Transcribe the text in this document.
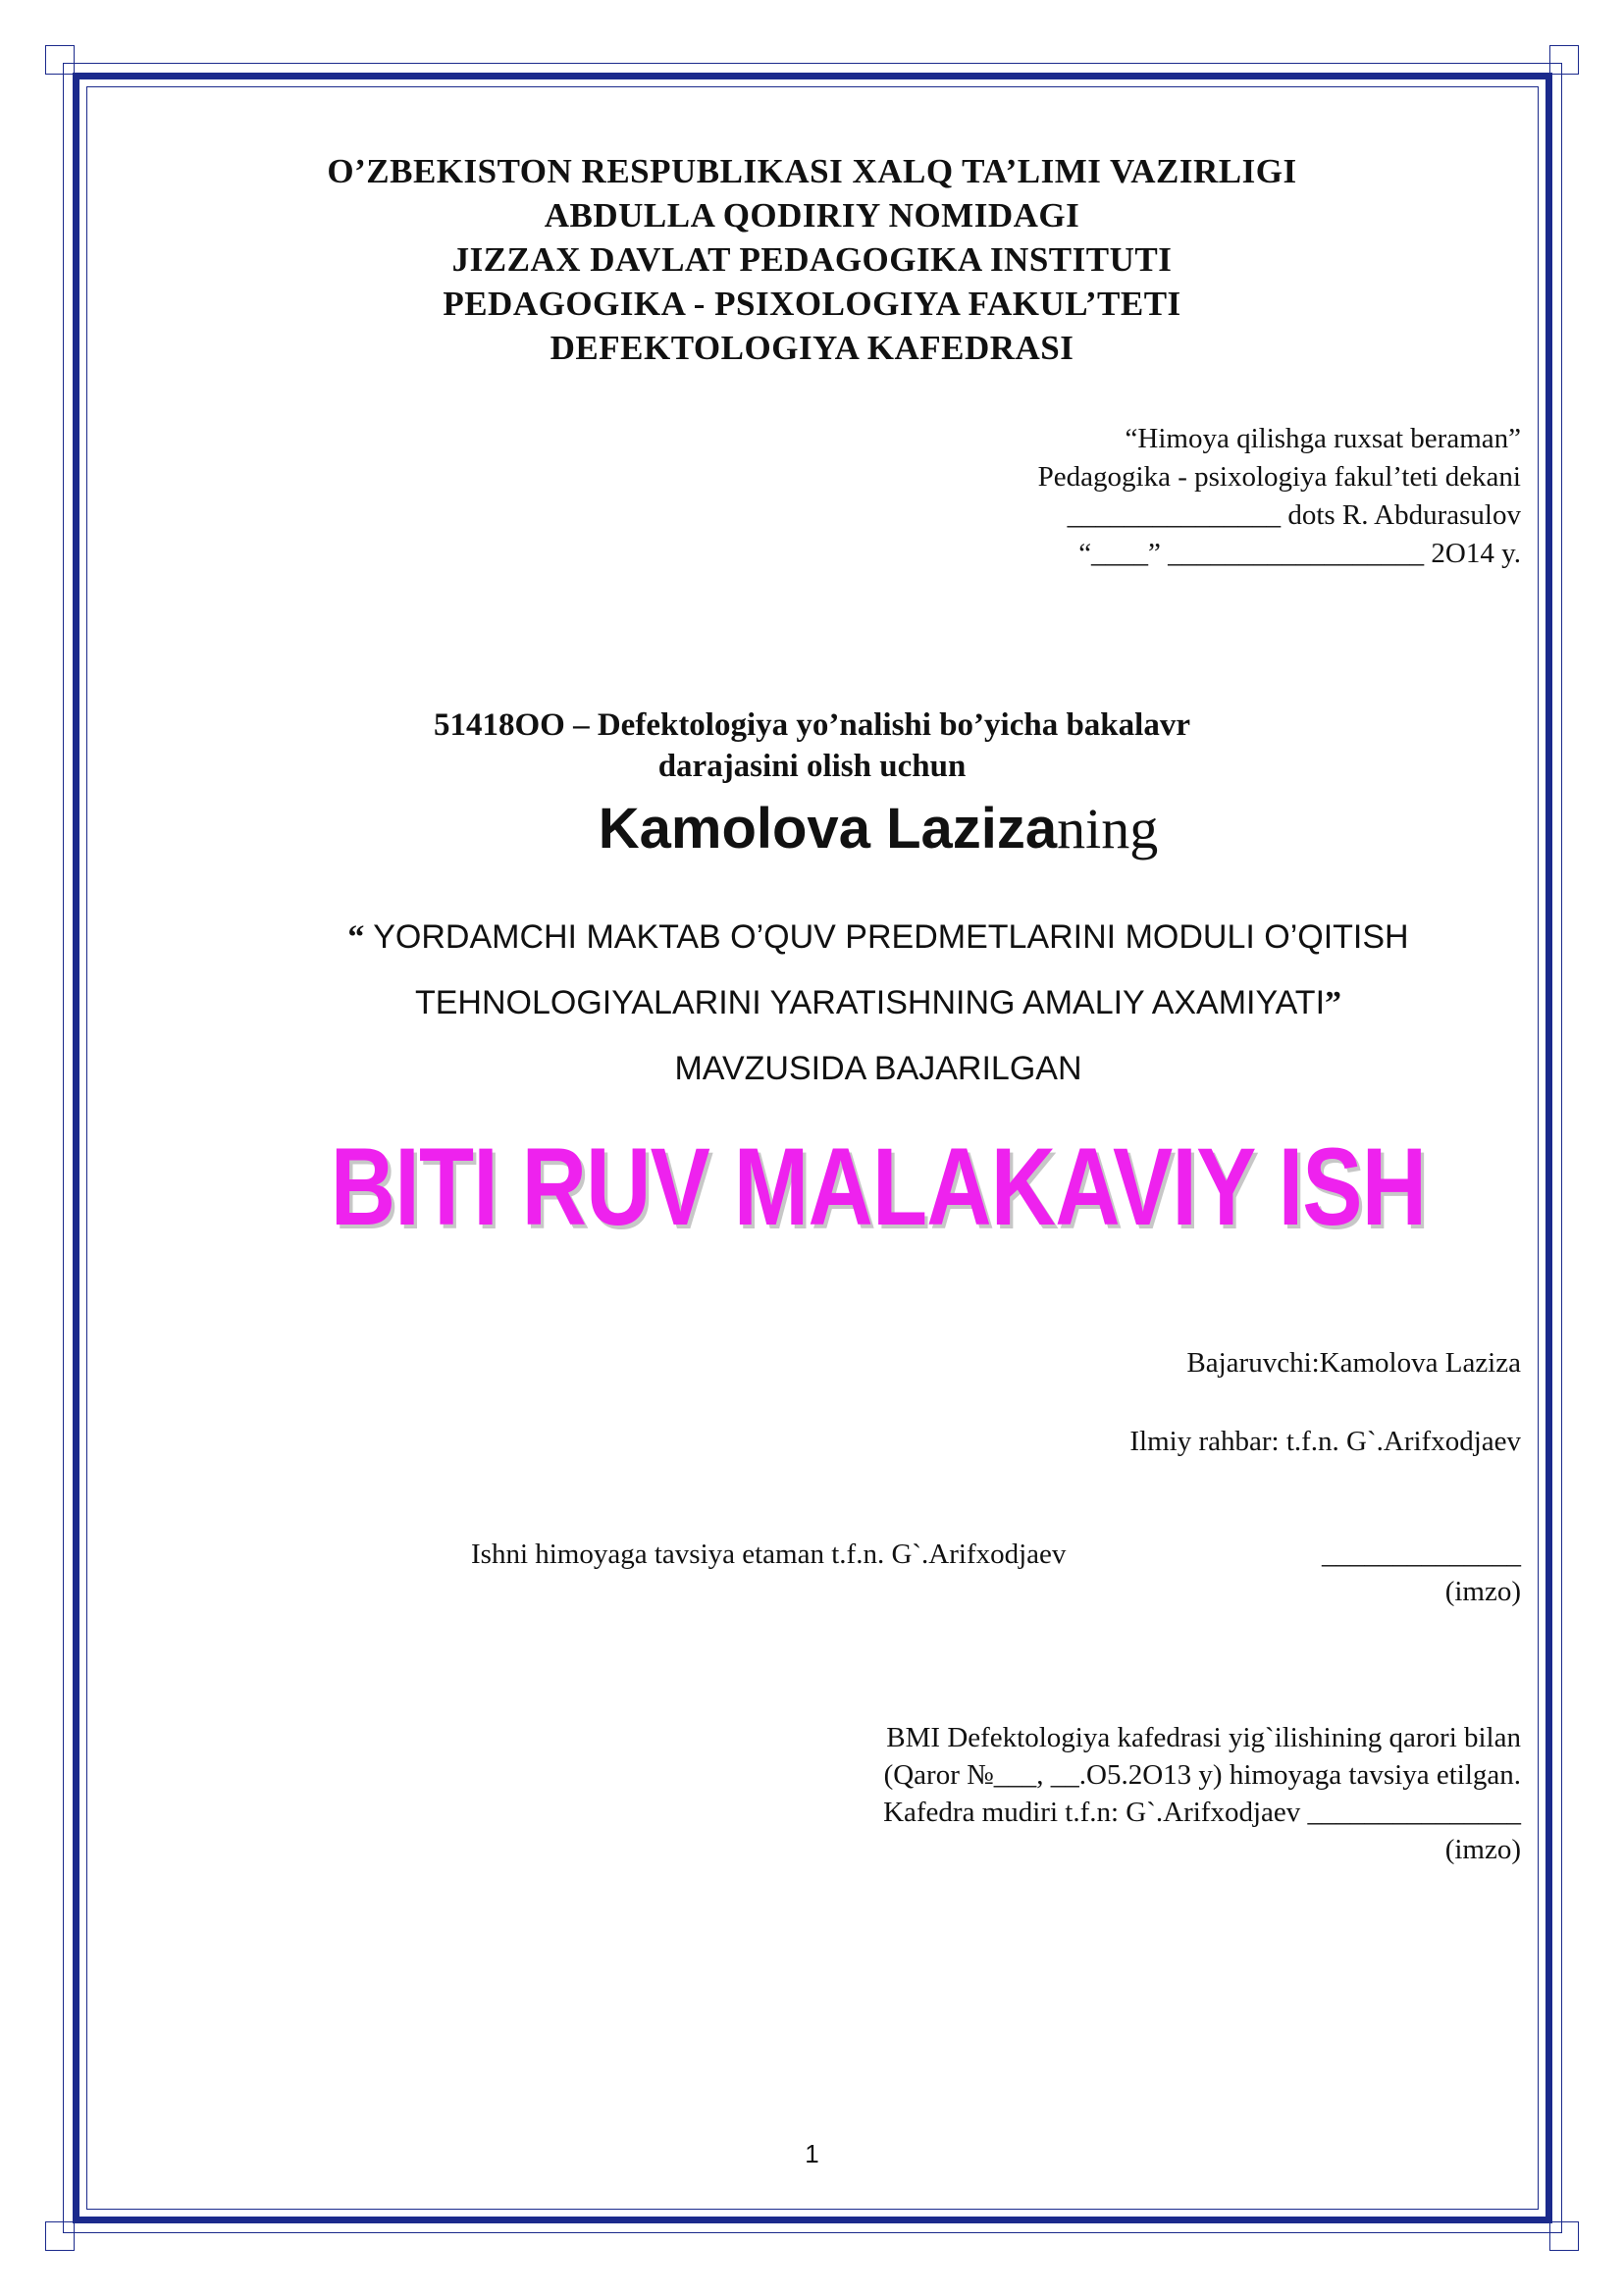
O’ZBEKISTON RESPUBLIKASI XALQ TA’LIMI VAZIRLIGI
ABDULLA QODIRIY NOMIDAGI
JIZZAX DAVLAT PEDAGOGIKA INSTITUTI
PEDAGOGIKA - PSIXOLOGIYA FAKUL’TETI
DEFEKTOLOGIYA KAFEDRASI
“Himoya qilishga ruxsat beraman”
Pedagogika - psixologiya fakul’teti dekani
_______________ dots R. Abdurasulov
“____” __________________ 2O14 y.
51418OO – Defektologiya yo’nalishi bo’yicha bakalavr
darajasini olish uchun
Kamolova Lazizaning
“ YORDAMCHI MAKTAB O’QUV PREDMETLARINI MODULI O’QITISH
TEHNOLOGIYALARINI YARATISHNING AMALIY AXAMIYATI”
MAVZUSIDA BAJARILGAN
BITI RUV MALAKAVIY ISH
Bajaruvchi:Kamolova Laziza
Ilmiy rahbar: t.f.n. G`.Arifxodjaev
Ishni himoyaga tavsiya etaman t.f.n. G`.Arifxodjaev	______________
(imzo)
BMI Defektologiya kafedrasi yig`ilishining qarori bilan
(Qaror №___, __.O5.2O13 y) himoyaga tavsiya etilgan.
Kafedra mudiri t.f.n: G`.Arifxodjaev _______________
(imzo)
1
